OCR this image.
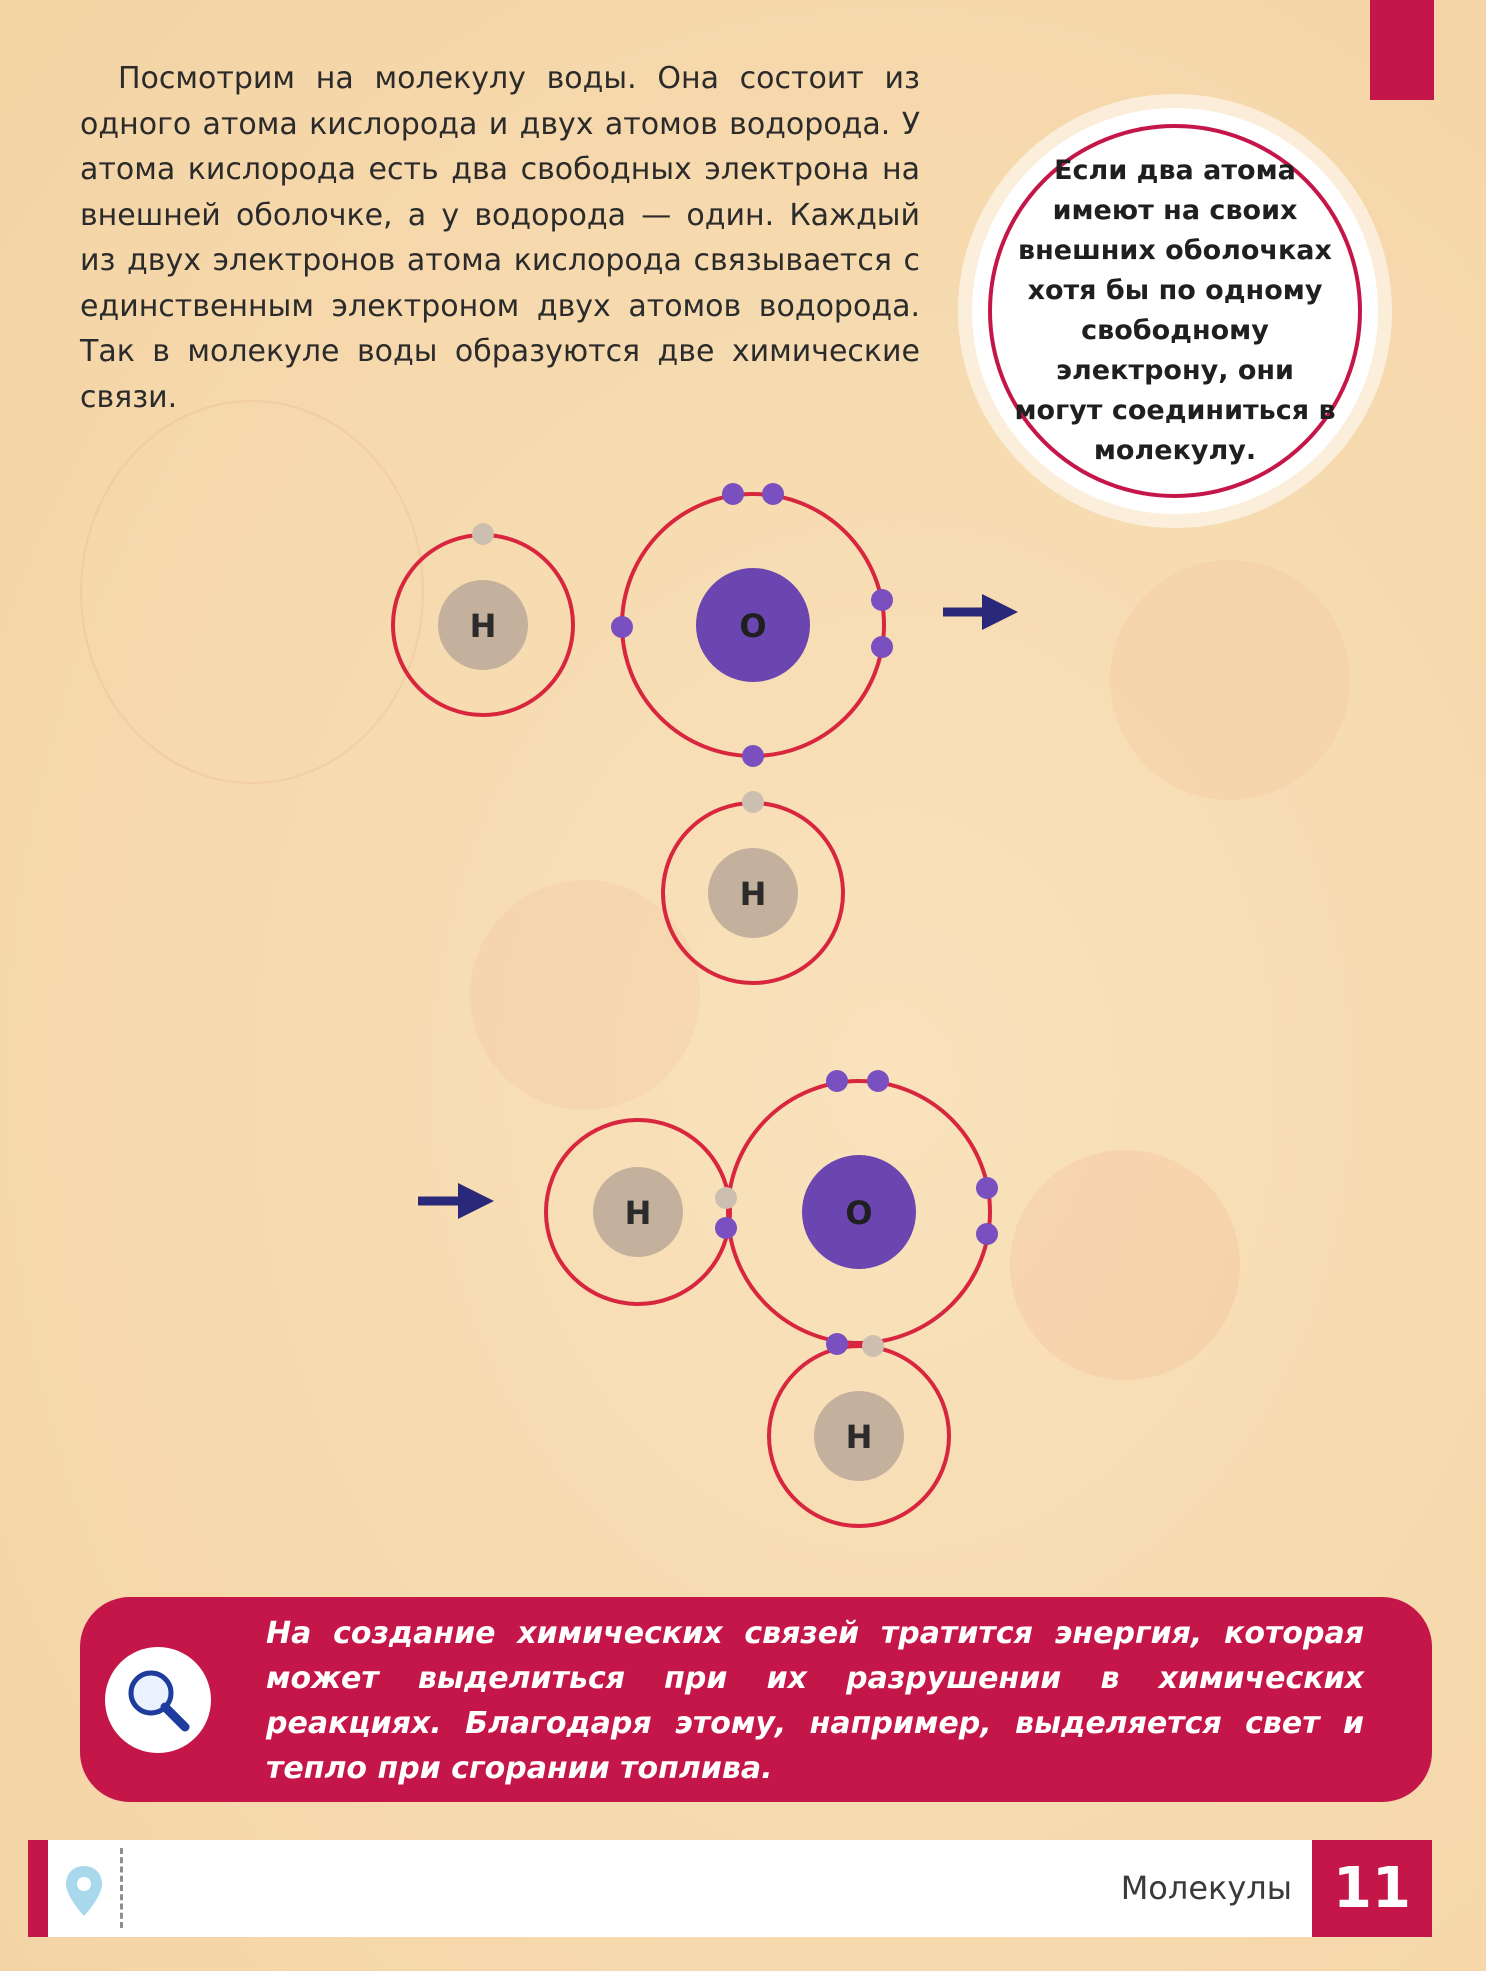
Посмотрим на молекулу воды. Она состоит из одного атома кислорода и двух атомов водорода. У атома кислорода есть два свободных электрона на внешней оболочке, а у водорода — один. Каждый из двух электронов атома кислорода связывается с единственным электроном двух атомов водорода. Так в молекуле воды образуются две химические связи.

Если два атома имеют на своих внешних оболочках хотя бы по одному свободному электрону, они могут соединиться в молекулу.
H	O
H
H	O
H

На создание химических связей тратится энергия, которая может выделиться при их разрушении в химических реакциях. Благодаря этому, например, выделяется свет и тепло при сгорании топлива.

Молекулы 11
